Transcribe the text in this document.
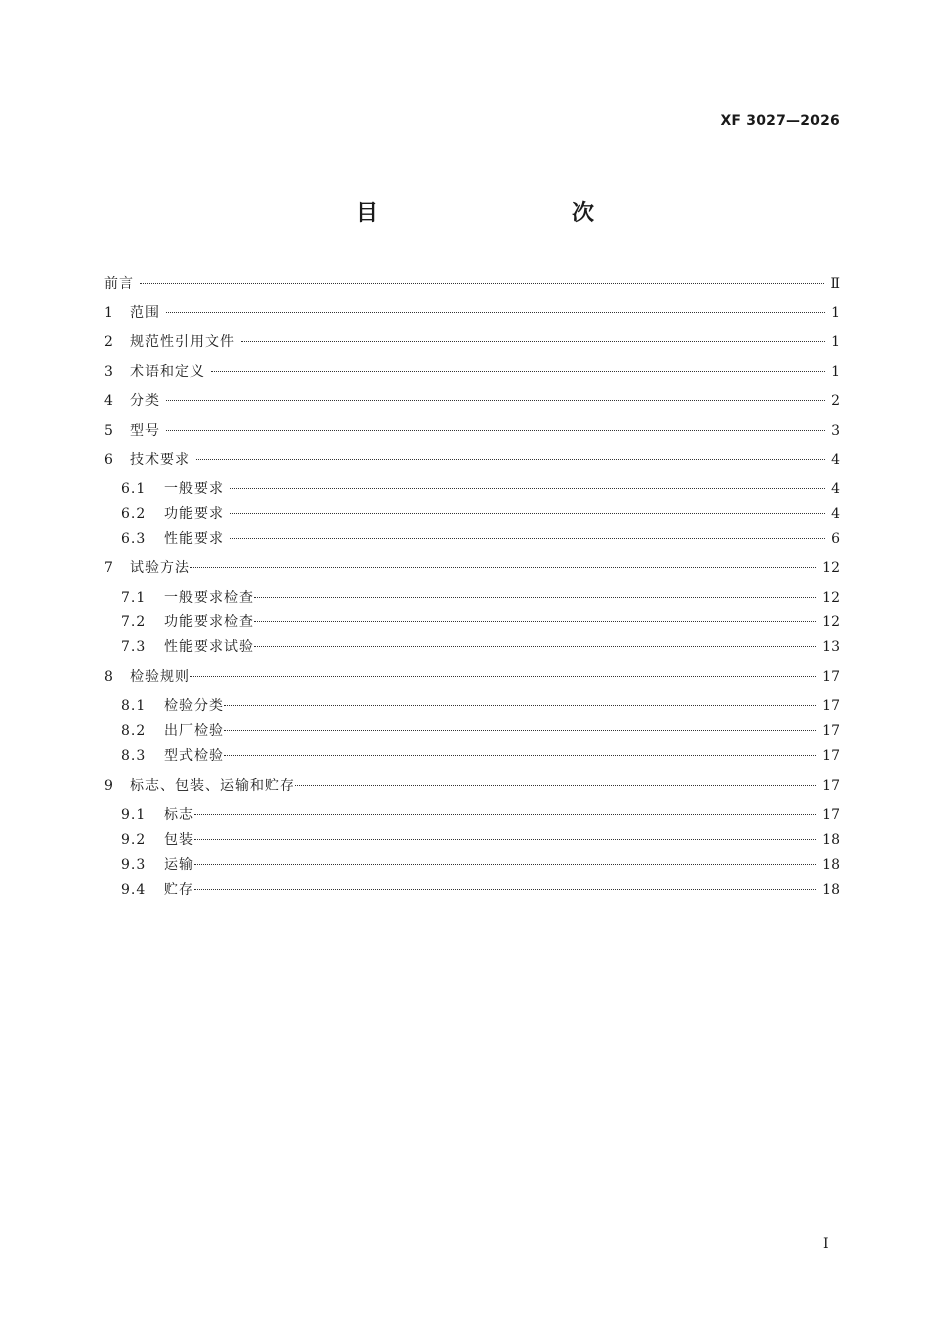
XF 3027—2026
目　　次
前言	Ⅱ
1	范围	1
2	规范性引用文件	1
3	术语和定义	1
4	分类	2
5	型号	3
6	技术要求	4
6.1	一般要求	4
6.2	功能要求	4
6.3	性能要求	6
7	试验方法	12
7.1	一般要求检查	12
7.2	功能要求检查	12
7.3	性能要求试验	13
8	检验规则	17
8.1	检验分类	17
8.2	出厂检验	17
8.3	型式检验	17
9	标志、包装、运输和贮存	17
9.1	标志	17
9.2	包装	18
9.3	运输	18
9.4	贮存	18
I
